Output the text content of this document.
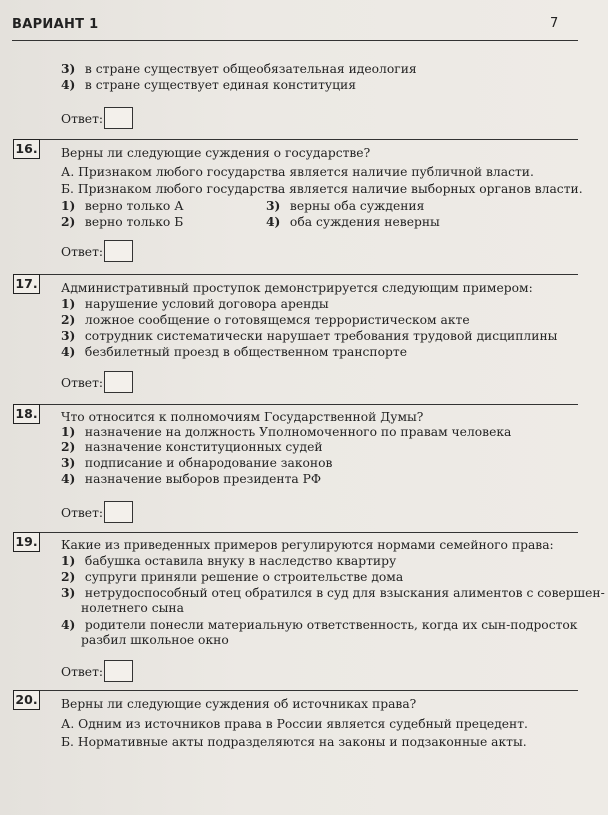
ВАРИАНТ 1	7
3) в стране существует общеобязательная идеология
4) в стране существует единая конституция
Ответ:
16. Верны ли следующие суждения о государстве?
А. Признаком любого государства является наличие публичной власти.
Б. Признаком любого государства является наличие выборных органов власти.
1) верно только А
2) верно только Б
3) верны оба суждения
4) оба суждения неверны
Ответ:
17. Административный проступок демонстрируется следующим примером:
1) нарушение условий договора аренды
2) ложное сообщение о готовящемся террористическом акте
3) сотрудник систематически нарушает требования трудовой дисциплины
4) безбилетный проезд в общественном транспорте
Ответ:
18. Что относится к полномочиям Государственной Думы?
1) назначение на должность Уполномоченного по правам человека
2) назначение конституционных судей
3) подписание и обнародование законов
4) назначение выборов президента РФ
Ответ:
19. Какие из приведенных примеров регулируются нормами семейного права:
1) бабушка оставила внуку в наследство квартиру
2) супруги приняли решение о строительстве дома
3) нетрудоспособный отец обратился в суд для взыскания алиментов с совершен-
нолетнего сына
4) родители понесли материальную ответственность, когда их сын-подросток
разбил школьное окно
Ответ:
20. Верны ли следующие суждения об источниках права?
А. Одним из источников права в России является судебный прецедент.
Б. Нормативные акты подразделяются на законы и подзаконные акты.
